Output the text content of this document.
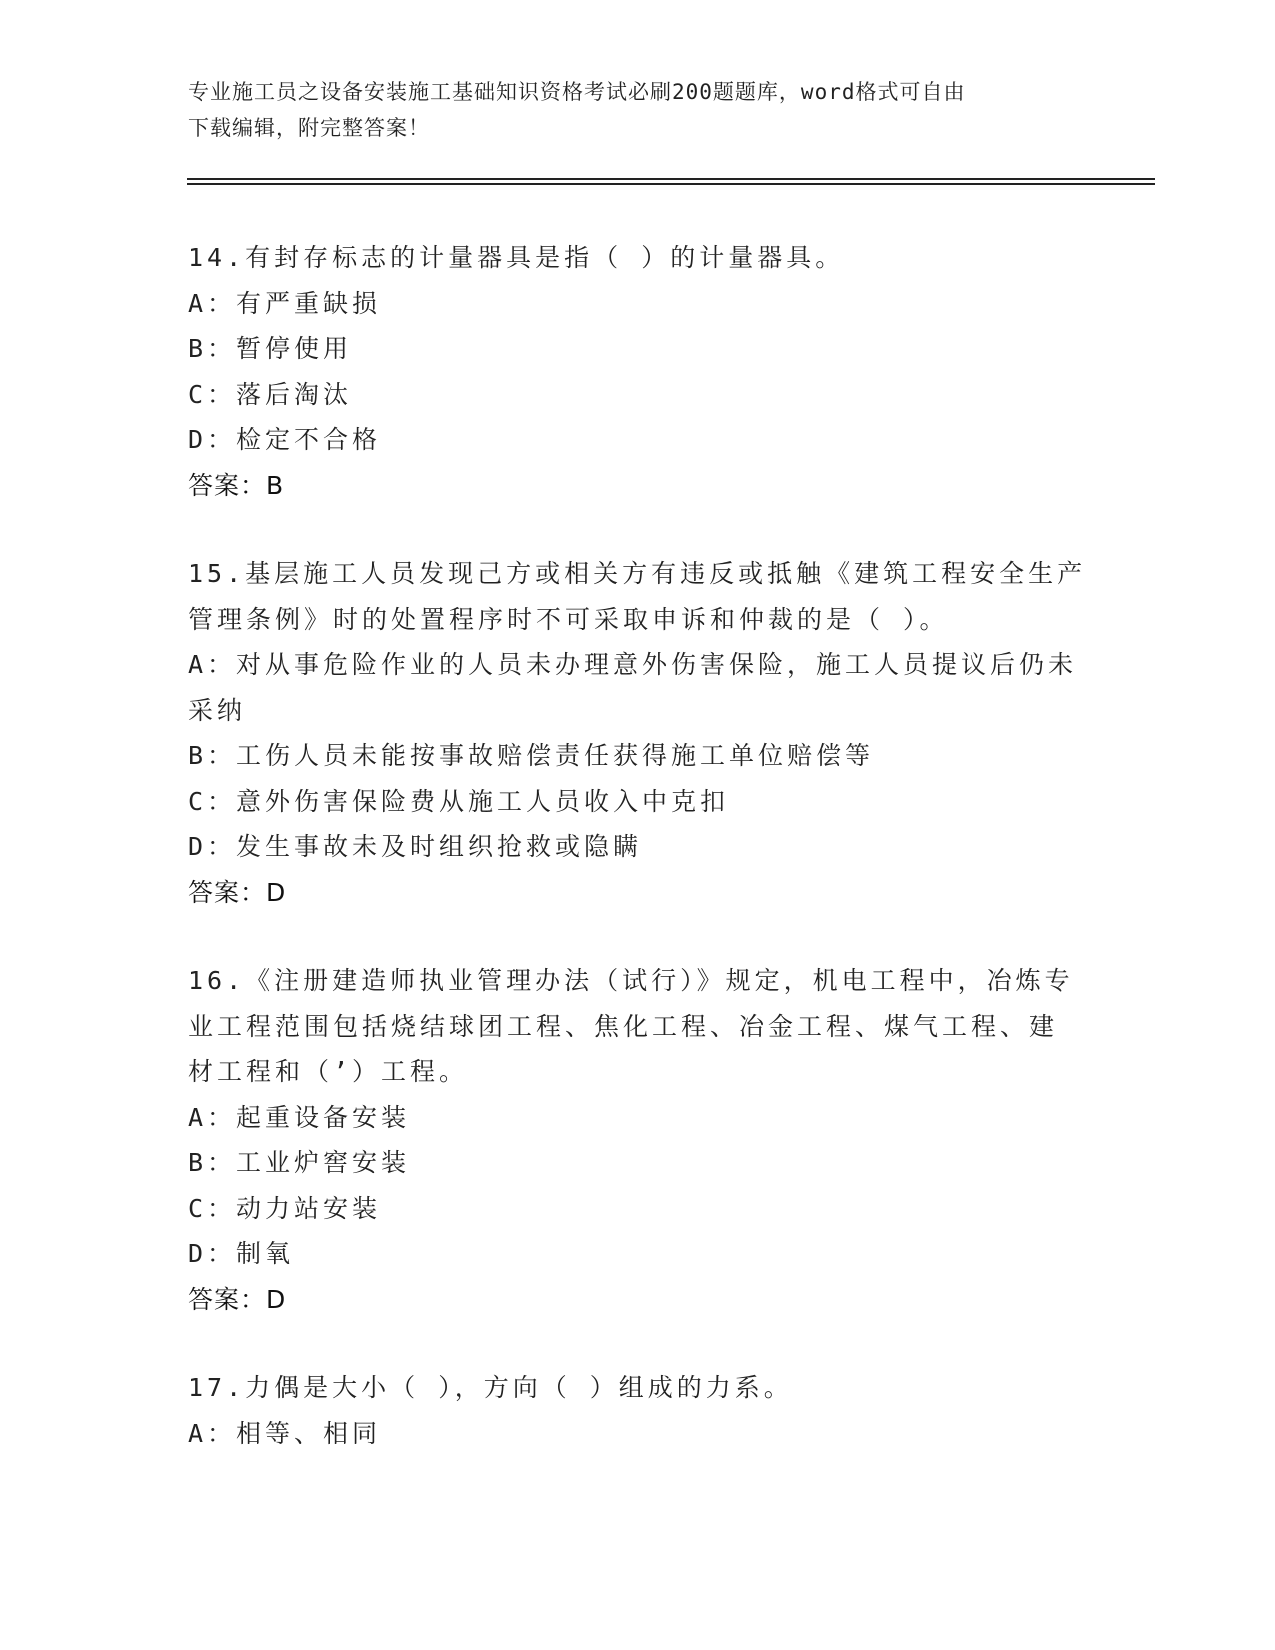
专业施工员之设备安装施工基础知识资格考试必刷200题题库，word格式可自由
下载编辑，附完整答案！
14.有封存标志的计量器具是指（ ）的计量器具。
A：有严重缺损
B：暂停使用
C：落后淘汰
D：检定不合格
答案：B
15.基层施工人员发现己方或相关方有违反或抵触《建筑工程安全生产
管理条例》时的处置程序时不可采取申诉和仲裁的是（ ）。
A：对从事危险作业的人员未办理意外伤害保险，施工人员提议后仍未
采纳
B：工伤人员未能按事故赔偿责任获得施工单位赔偿等
C：意外伤害保险费从施工人员收入中克扣
D：发生事故未及时组织抢救或隐瞒
答案：D
16.《注册建造师执业管理办法（试行）》规定，机电工程中，冶炼专
业工程范围包括烧结球团工程、焦化工程、冶金工程、煤气工程、建
材工程和（’）工程。
A：起重设备安装
B：工业炉窖安装
C：动力站安装
D：制氧
答案：D
17.力偶是大小（ ），方向（ ）组成的力系。
A：相等、相同
